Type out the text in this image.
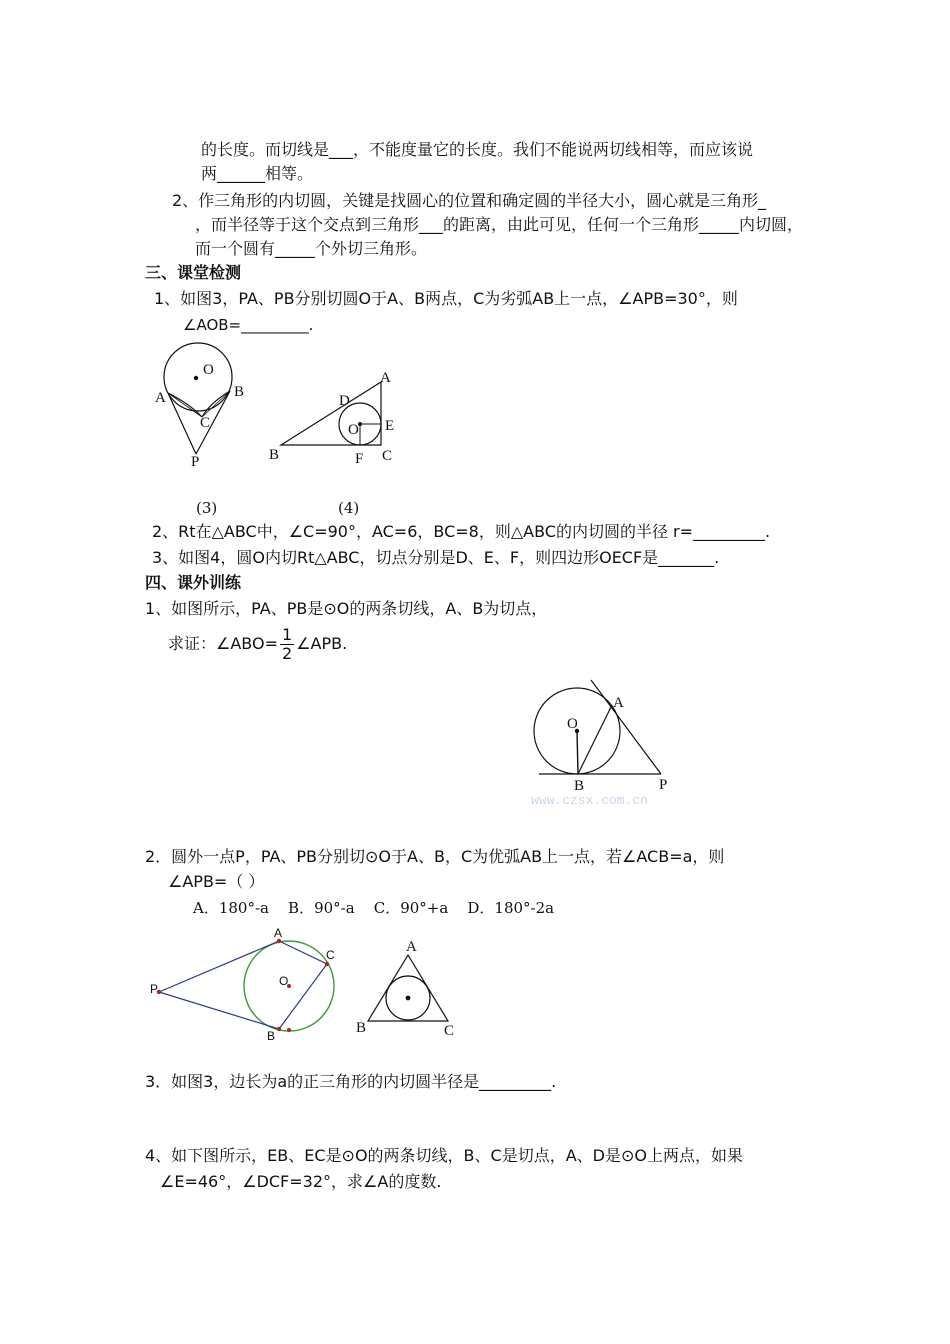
的长度。而切线是___，不能度量它的长度。我们不能说两切线相等，而应该说
两______相等。
2、作三角形的内切圆，关键是找圆心的位置和确定圆的半径大小，圆心就是三角形_
，而半径等于这个交点到三角形___的距离，由此可见，任何一个三角形_____内切圆，
而一个圆有_____个外切三角形。
三、课堂检测
1、如图3，PA、PB分别切圆O于A、B两点，C为劣弧AB上一点，∠APB=30°，则
∠AOB=_________.
O
A	B
C
P
A
D
O E
B	F C
(3)	(4)
2、Rt在△ABC中，∠C=90°，AC=6，BC=8，则△ABC的内切圆的半径 r=_________.
3、如图4，圆O内切Rt△ABC，切点分别是D、E、F，则四边形OECF是_______.
四、课外训练
1、如图所示，PA、PB是⊙O的两条切线，A、B为切点，
求证：∠ABO= $\frac{1}{2}$ ∠APB.
O
A
B	P
www.czsx.com.cn
2．圆外一点P，PA、PB分别切⊙O于A、B，C为优弧AB上一点，若∠ACB=a，则
∠APB=（ ）
A．180°-a    B．90°-a    C．90°+a    D．180°-2a
A
C
O
P
B
A
B	C
3．如图3，边长为a的正三角形的内切圆半径是_________.
4、如下图所示，EB、EC是⊙O的两条切线，B、C是切点，A、D是⊙O上两点，如果
∠E=46°，∠DCF=32°，求∠A的度数.
